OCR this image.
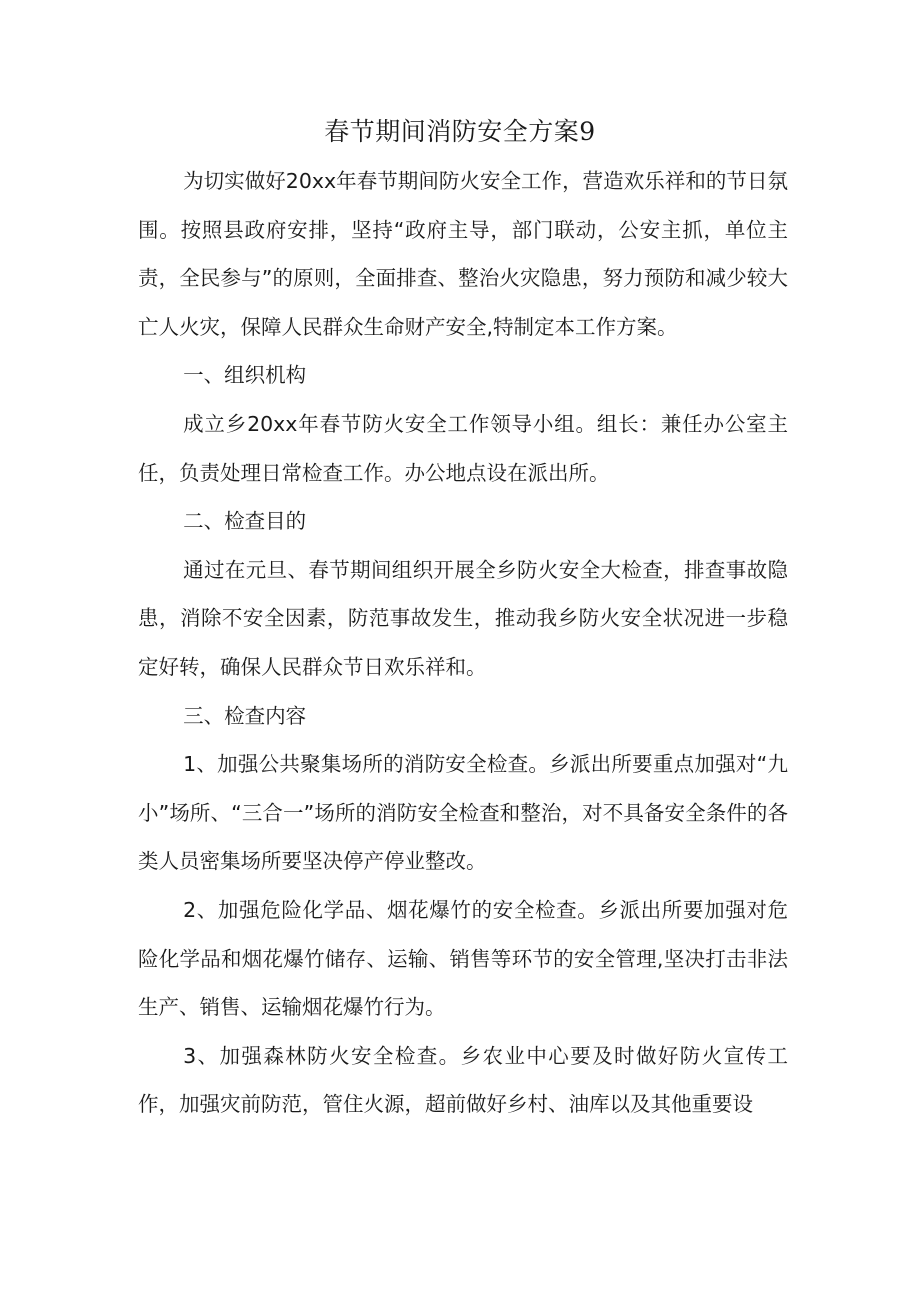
春节期间消防安全方案9

为切实做好20xx年春节期间防火安全工作，营造欢乐祥和的节日氛围。按照县政府安排，坚持“政府主导，部门联动，公安主抓，单位主责，全民参与”的原则，全面排查、整治火灾隐患，努力预防和减少较大亡人火灾，保障人民群众生命财产安全,特制定本工作方案。

一、组织机构

成立乡20xx年春节防火安全工作领导小组。组长：兼任办公室主任，负责处理日常检查工作。办公地点设在派出所。

二、检查目的

通过在元旦、春节期间组织开展全乡防火安全大检查，排查事故隐患，消除不安全因素，防范事故发生，推动我乡防火安全状况进一步稳定好转，确保人民群众节日欢乐祥和。

三、检查内容

1、加强公共聚集场所的消防安全检查。乡派出所要重点加强对“九小”场所、“三合一”场所的消防安全检查和整治，对不具备安全条件的各类人员密集场所要坚决停产停业整改。

2、加强危险化学品、烟花爆竹的安全检查。乡派出所要加强对危险化学品和烟花爆竹储存、运输、销售等环节的安全管理,坚决打击非法生产、销售、运输烟花爆竹行为。

3、加强森林防火安全检查。乡农业中心要及时做好防火宣传工作，加强灾前防范，管住火源，超前做好乡村、油库以及其他重要设
